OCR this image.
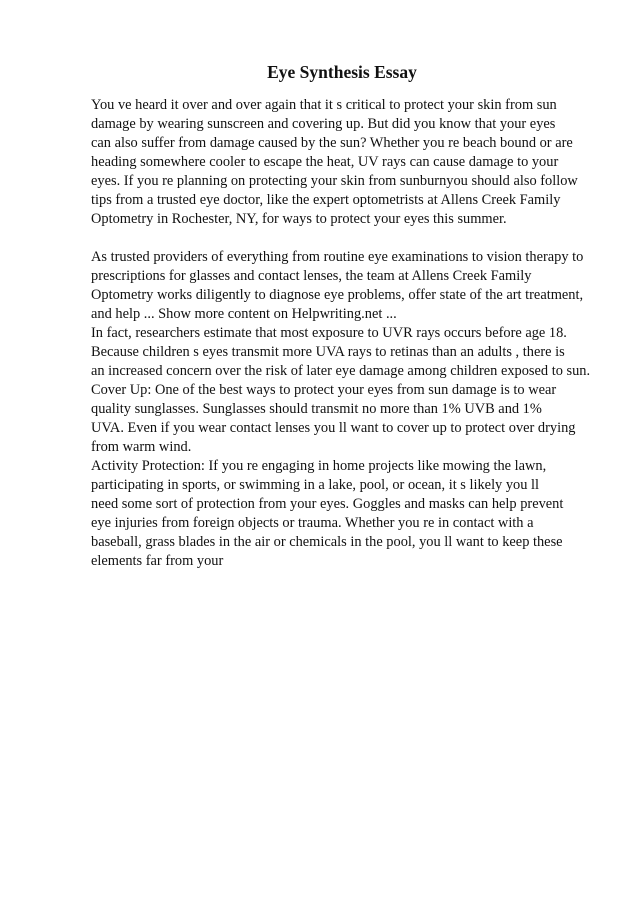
Eye Synthesis Essay
You ve heard it over and over again that it s critical to protect your skin from sun
damage by wearing sunscreen and covering up. But did you know that your eyes
can also suffer from damage caused by the sun? Whether you re beach bound or are
heading somewhere cooler to escape the heat, UV rays can cause damage to your
eyes. If you re planning on protecting your skin from sunburnyou should also follow
tips from a trusted eye doctor, like the expert optometrists at Allens Creek Family
Optometry in Rochester, NY, for ways to protect your eyes this summer.
As trusted providers of everything from routine eye examinations to vision therapy to
prescriptions for glasses and contact lenses, the team at Allens Creek Family
Optometry works diligently to diagnose eye problems, offer state of the art treatment,
and help ... Show more content on Helpwriting.net ...
In fact, researchers estimate that most exposure to UVR rays occurs before age 18.
Because children s eyes transmit more UVA rays to retinas than an adults , there is
an increased concern over the risk of later eye damage among children exposed to sun.
Cover Up: One of the best ways to protect your eyes from sun damage is to wear
quality sunglasses. Sunglasses should transmit no more than 1% UVB and 1%
UVA. Even if you wear contact lenses you ll want to cover up to protect over drying
from warm wind.
Activity Protection: If you re engaging in home projects like mowing the lawn,
participating in sports, or swimming in a lake, pool, or ocean, it s likely you ll
need some sort of protection from your eyes. Goggles and masks can help prevent
eye injuries from foreign objects or trauma. Whether you re in contact with a
baseball, grass blades in the air or chemicals in the pool, you ll want to keep these
elements far from your
